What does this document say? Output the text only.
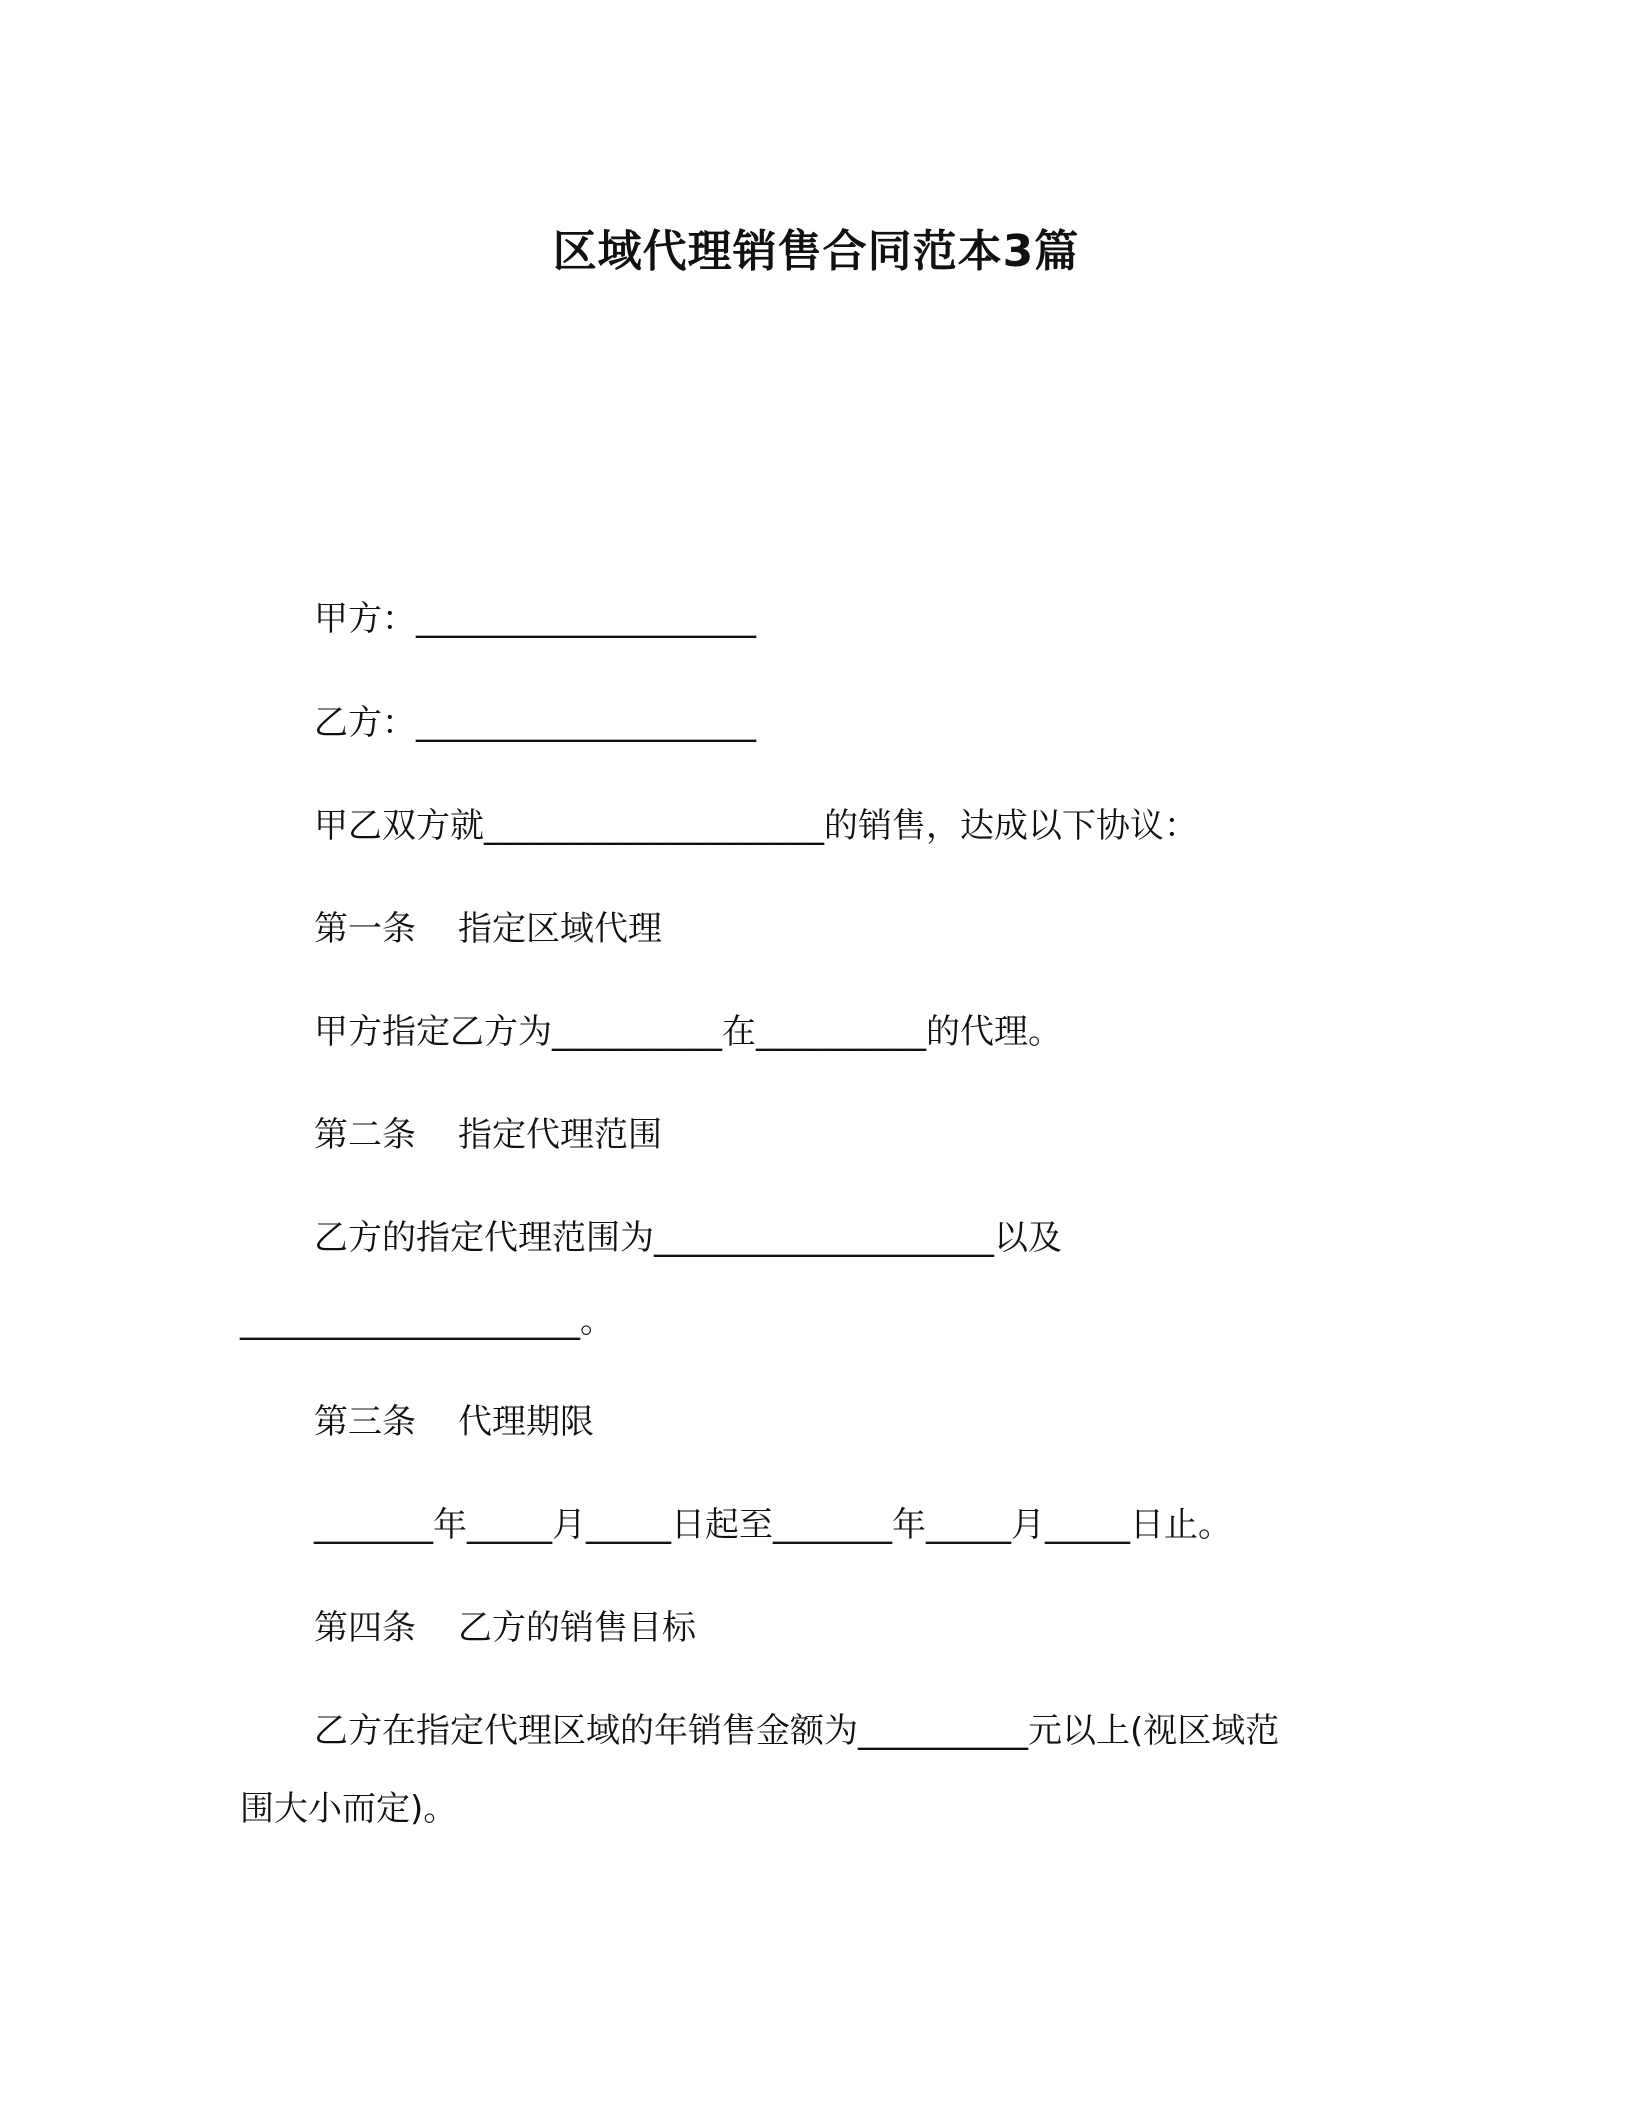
区域代理销售合同范本3篇
甲方：____________________
乙方：____________________
甲乙双方就____________________的销售，达成以下协议：
第一条 指定区域代理
甲方指定乙方为__________在__________的代理。
第二条 指定代理范围
乙方的指定代理范围为____________________以及
____________________。
第三条 代理期限
_______年_____月_____日起至_______年_____月_____日止。
第四条 乙方的销售目标
乙方在指定代理区域的年销售金额为__________元以上(视区域范
围大小而定)。
